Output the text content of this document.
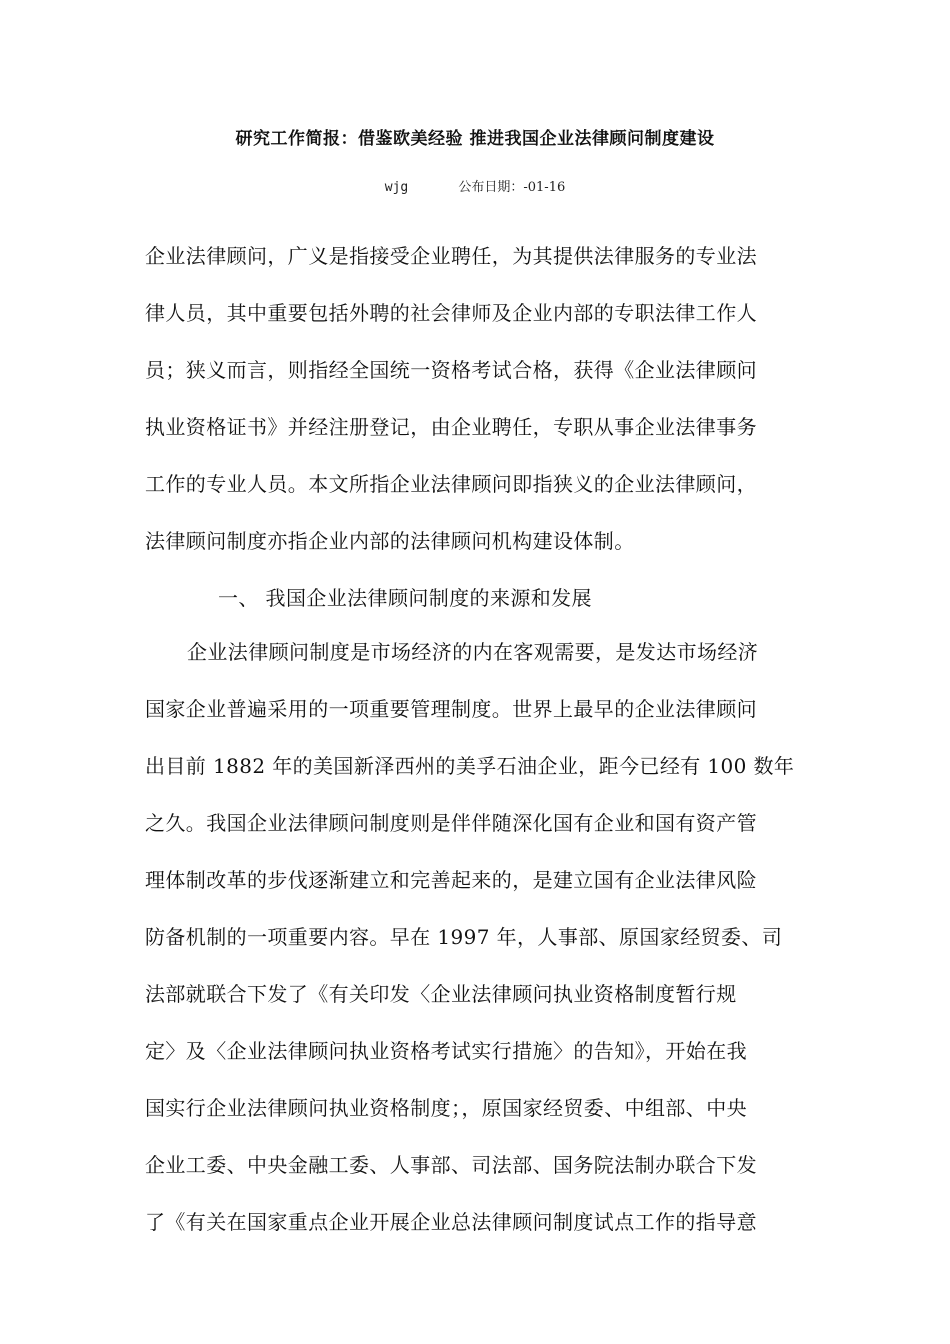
研究工作简报：借鉴欧美经验 推进我国企业法律顾问制度建设
wjg	公布日期：-01-16
企业法律顾问，广义是指接受企业聘任，为其提供法律服务的专业法
律人员，其中重要包括外聘的社会律师及企业内部的专职法律工作人
员；狭义而言，则指经全国统一资格考试合格，获得《企业法律顾问
执业资格证书》并经注册登记，由企业聘任，专职从事企业法律事务
工作的专业人员。本文所指企业法律顾问即指狭义的企业法律顾问，
法律顾问制度亦指企业内部的法律顾问机构建设体制。
一、 我国企业法律顾问制度的来源和发展
企业法律顾问制度是市场经济的内在客观需要，是发达市场经济
国家企业普遍采用的一项重要管理制度。世界上最早的企业法律顾问
出目前 1882 年的美国新泽西州的美孚石油企业，距今已经有 100 数年
之久。我国企业法律顾问制度则是伴伴随深化国有企业和国有资产管
理体制改革的步伐逐渐建立和完善起来的，是建立国有企业法律风险
防备机制的一项重要内容。早在 1997 年，人事部、原国家经贸委、司
法部就联合下发了《有关印发〈企业法律顾问执业资格制度暂行规
定〉及〈企业法律顾问执业资格考试实行措施〉的告知》，开始在我
国实行企业法律顾问执业资格制度；，原国家经贸委、中组部、中央
企业工委、中央金融工委、人事部、司法部、国务院法制办联合下发
了《有关在国家重点企业开展企业总法律顾问制度试点工作的指导意
